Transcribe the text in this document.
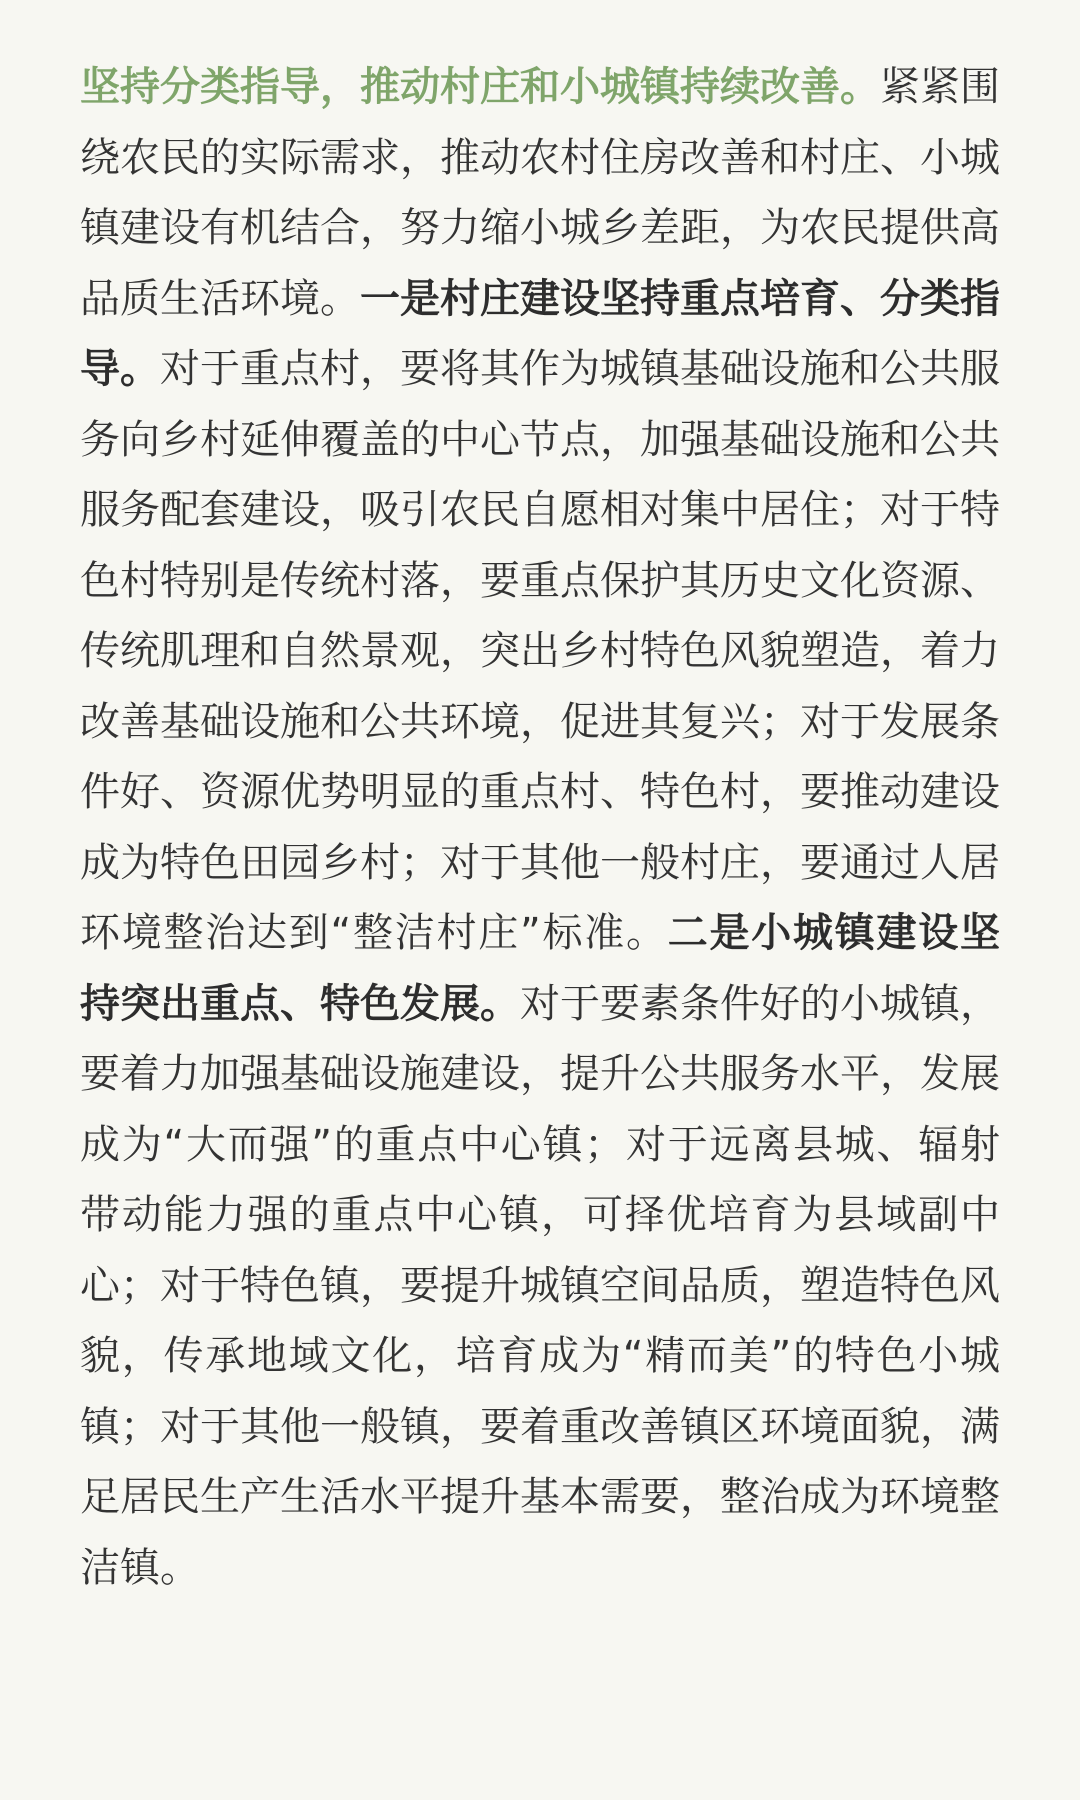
坚持分类指导，推动村庄和小城镇持续改善。紧紧围绕农民的实际需求，推动农村住房改善和村庄、小城镇建设有机结合，努力缩小城乡差距，为农民提供高品质生活环境。一是村庄建设坚持重点培育、分类指导。对于重点村，要将其作为城镇基础设施和公共服务向乡村延伸覆盖的中心节点，加强基础设施和公共服务配套建设，吸引农民自愿相对集中居住；对于特色村特别是传统村落，要重点保护其历史文化资源、传统肌理和自然景观，突出乡村特色风貌塑造，着力改善基础设施和公共环境，促进其复兴；对于发展条件好、资源优势明显的重点村、特色村，要推动建设成为特色田园乡村；对于其他一般村庄，要通过人居环境整治达到“整洁村庄”标准。二是小城镇建设坚持突出重点、特色发展。对于要素条件好的小城镇，要着力加强基础设施建设，提升公共服务水平，发展成为“大而强”的重点中心镇；对于远离县城、辐射带动能力强的重点中心镇，可择优培育为县域副中心；对于特色镇，要提升城镇空间品质，塑造特色风貌，传承地域文化，培育成为“精而美”的特色小城镇；对于其他一般镇，要着重改善镇区环境面貌，满足居民生产生活水平提升基本需要，整治成为环境整洁镇。
